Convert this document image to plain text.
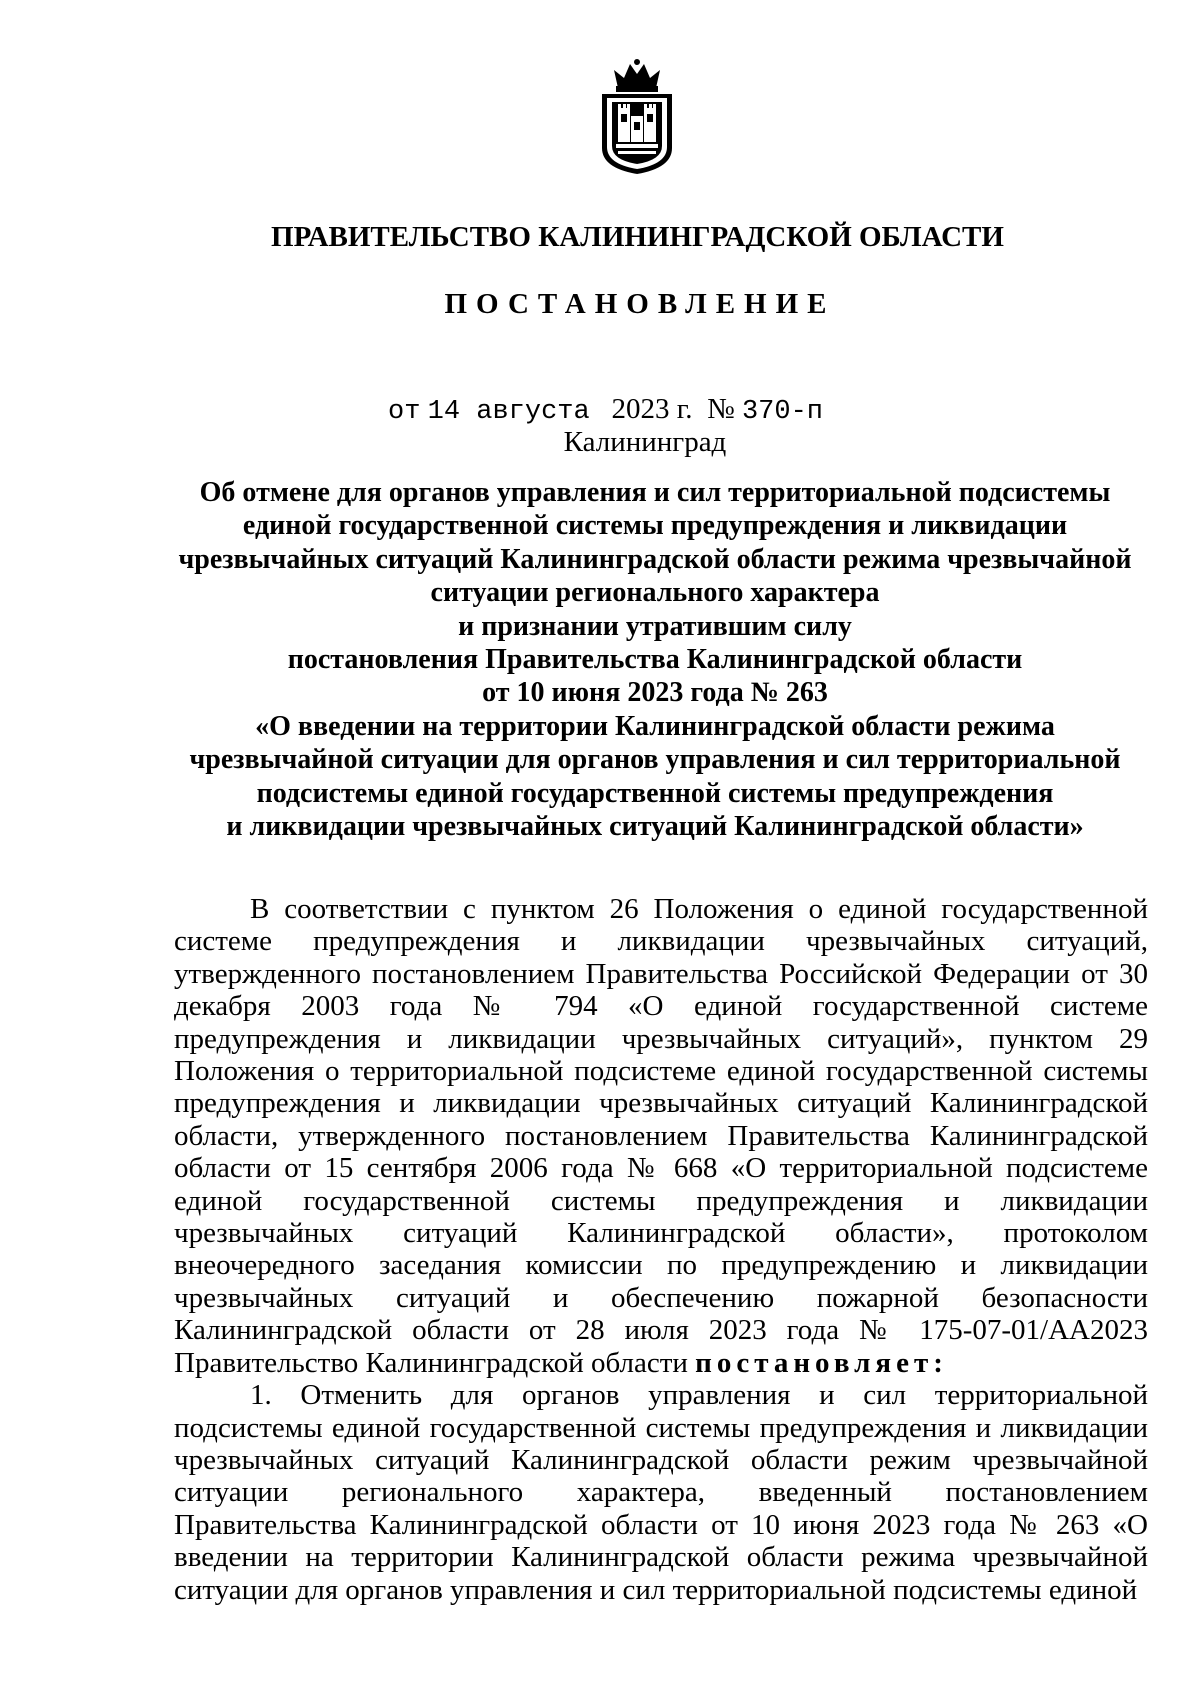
ПРАВИТЕЛЬСТВО КАЛИНИНГРАДСКОЙ ОБЛАСТИ
ПОСТАНОВЛЕНИЕ
от 14 августа 2023 г. № 370-п
Калининград
Об отмене для органов управления и сил территориальной подсистемы
единой государственной системы предупреждения и ликвидации
чрезвычайных ситуаций Калининградской области режима чрезвычайной
ситуации регионального характера
и признании утратившим силу
постановления Правительства Калининградской области
от 10 июня 2023 года № 263
«О введении на территории Калининградской области режима
чрезвычайной ситуации для органов управления и сил территориальной
подсистемы единой государственной системы предупреждения
и ликвидации чрезвычайных ситуаций Калининградской области»

В соответствии с пунктом 26 Положения о единой государственной системе предупреждения и ликвидации чрезвычайных ситуаций, утвержденного постановлением Правительства Российской Федерации от 30 декабря 2003 года № 794 «О единой государственной системе предупреждения и ликвидации чрезвычайных ситуаций», пунктом 29 Положения о территориальной подсистеме единой государственной системы предупреждения и ликвидации чрезвычайных ситуаций Калининградской области, утвержденного постановлением Правительства Калининградской области от 15 сентября 2006 года № 668 «О территориальной подсистеме единой государственной системы предупреждения и ликвидации чрезвычайных ситуаций Калининградской области», протоколом внеочередного заседания комиссии по предупреждению и ликвидации чрезвычайных ситуаций и обеспечению пожарной безопасности Калининградской области от 28 июля 2023 года № 175-07-01/АА2023 Правительство Калининградской области постановляет:

1. Отменить для органов управления и сил территориальной подсистемы единой государственной системы предупреждения и ликвидации чрезвычайных ситуаций Калининградской области режим чрезвычайной ситуации регионального характера, введенный постановлением Правительства Калининградской области от 10 июня 2023 года № 263 «О введении на территории Калининградской области режима чрезвычайной ситуации для органов управления и сил территориальной подсистемы единой
